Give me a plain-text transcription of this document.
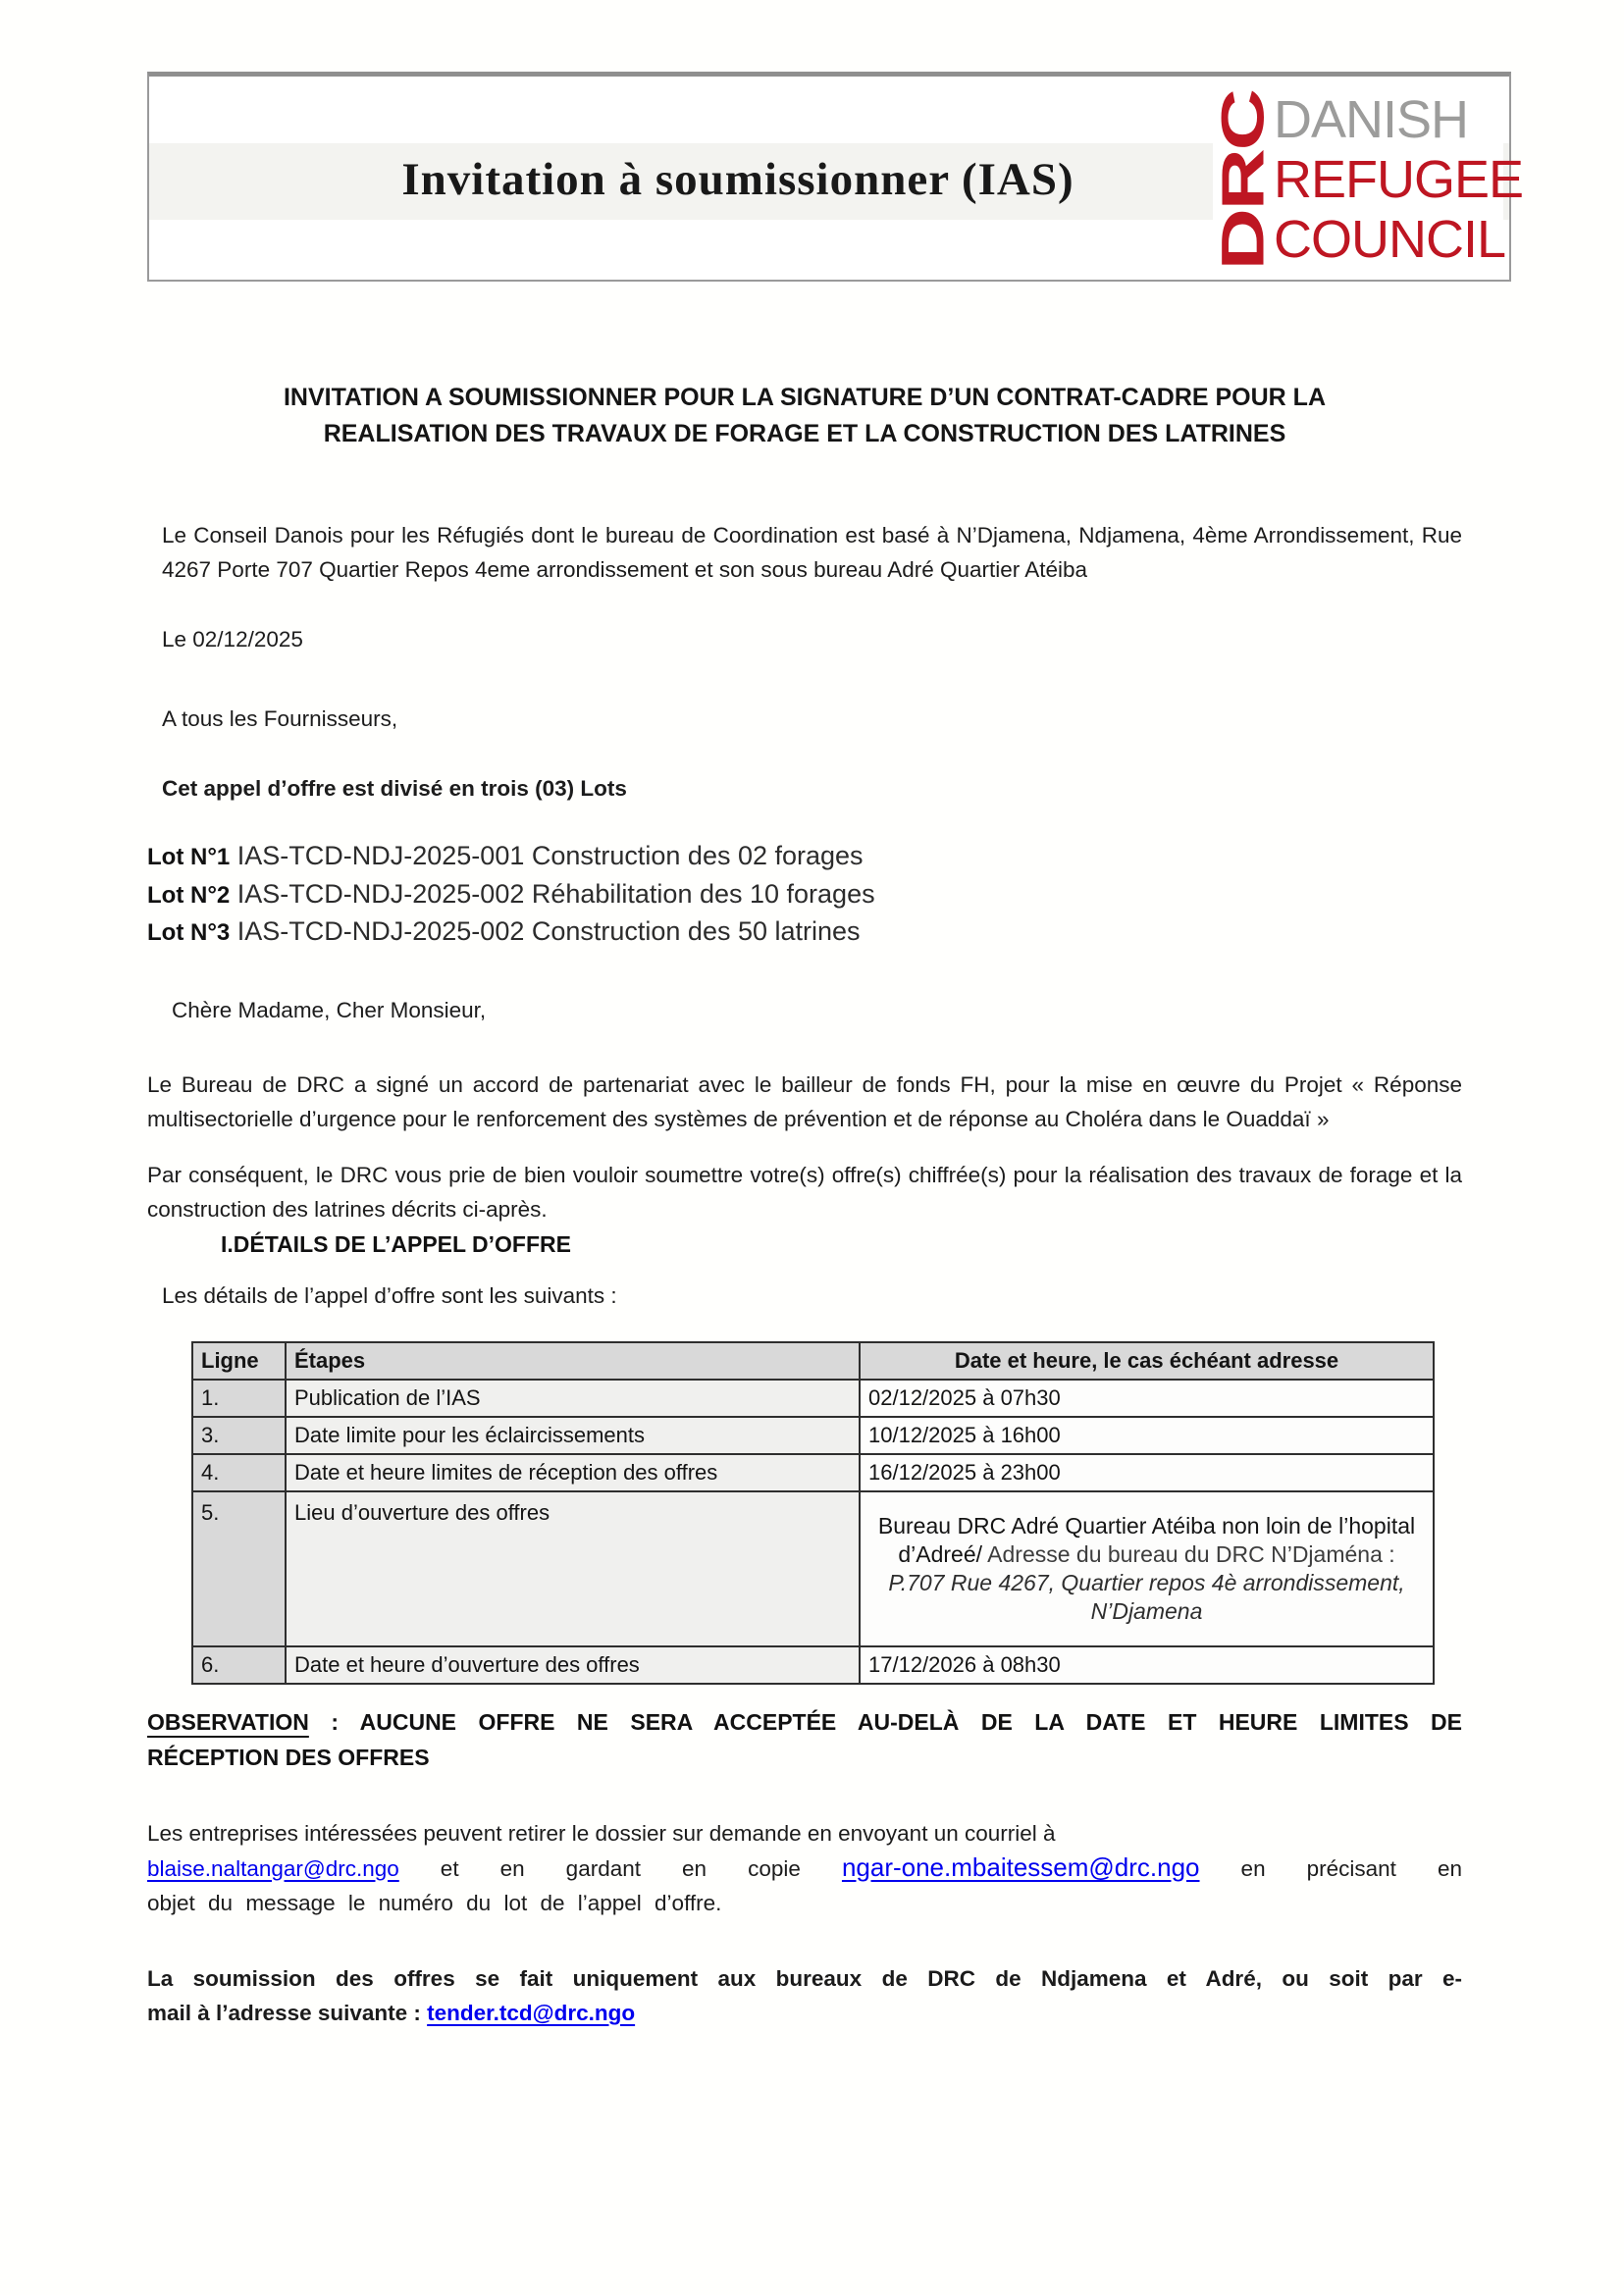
Invitation à soumissionner (IAS)	DRC
DANISH
REFUGEE
COUNCIL
INVITATION A SOUMISSIONNER POUR LA SIGNATURE D’UN CONTRAT-CADRE POUR LA
REALISATION DES TRAVAUX DE FORAGE ET LA CONSTRUCTION DES LATRINES
Le Conseil Danois pour les Réfugiés dont le bureau de Coordination est basé à N’Djamena, Ndjamena, 4ème Arrondissement, Rue 4267 Porte 707 Quartier Repos 4eme arrondissement et son sous bureau Adré Quartier Atéiba
Le 02/12/2025
A tous les Fournisseurs,
Cet appel d’offre est divisé en trois (03) Lots
Lot N°1 IAS-TCD-NDJ-2025-001 Construction des 02 forages
Lot N°2 IAS-TCD-NDJ-2025-002 Réhabilitation des 10 forages
Lot N°3 IAS-TCD-NDJ-2025-002 Construction des 50 latrines
Chère Madame, Cher Monsieur,
Le Bureau de DRC a signé un accord de partenariat avec le bailleur de fonds FH, pour la mise en œuvre du Projet « Réponse multisectorielle d’urgence pour le renforcement des systèmes de prévention et de réponse au Choléra dans le Ouaddaï »
Par conséquent, le DRC vous prie de bien vouloir soumettre votre(s) offre(s) chiffrée(s) pour la réalisation des travaux de forage et la construction des latrines décrits ci-après.
I.DÉTAILS DE L’APPEL D’OFFRE
Les détails de l’appel d’offre sont les suivants :
Ligne	Étapes	Date et heure, le cas échéant adresse
1.	Publication de l’IAS	02/12/2025 à 07h30
3.	Date limite pour les éclaircissements	10/12/2025 à 16h00
4.	Date et heure limites de réception des offres	16/12/2025 à 23h00
5.	Lieu d’ouverture des offres	Bureau DRC Adré Quartier Atéiba non loin de l’hopital d’Adreé/ Adresse du bureau du DRC N’Djaména : P.707 Rue 4267, Quartier repos 4è arrondissement, N’Djamena
6.	Date et heure d’ouverture des offres	17/12/2026 à 08h30
OBSERVATION : AUCUNE OFFRE NE SERA ACCEPTÉE AU-DELÀ DE LA DATE ET HEURE LIMITES DE
RÉCEPTION DES OFFRES
Les entreprises intéressées peuvent retirer le dossier sur demande en envoyant un courriel à
blaise.naltangar@drc.ngo et en gardant en copie ngar-one.mbaitessem@drc.ngo en précisant en
objet du message le numéro du lot de l’appel d’offre.
La soumission des offres se fait uniquement aux bureaux de DRC de Ndjamena et Adré, ou soit par e-
mail à l’adresse suivante : tender.tcd@drc.ngo
